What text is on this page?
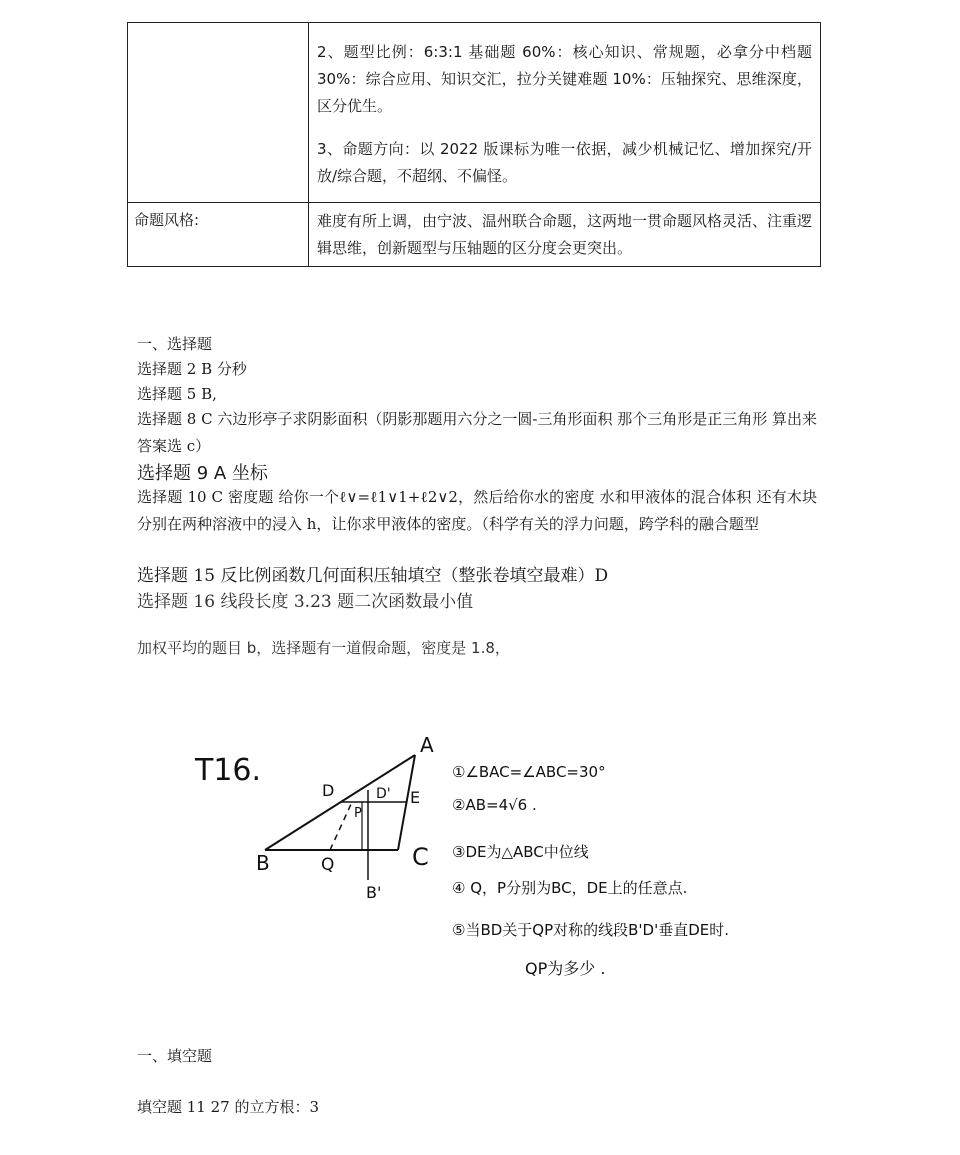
	2、题型比例：6:3:1 基础题 60%：核心知识、常规题，必拿分中档题 30%：综合应用、知识交汇，拉分关键难题 10%：压轴探究、思维深度，区分优生。

3、命题方向：以 2022 版课标为唯一依据，减少机械记忆、增加探究/开放/综合题，不超纲、不偏怪。

命题风格:	难度有所上调，由宁波、温州联合命题，这两地一贯命题风格灵活、注重逻辑思维，创新题型与压轴题的区分度会更突出。

一、选择题
选择题 2 B 分秒
选择题 5 B,
选择题 8 C 六边形亭子求阴影面积（阴影那题用六分之一圆-三角形面积 那个三角形是正三角形 算出来答案选 c）
选择题 9 A 坐标
选择题 10 C 密度题 给你一个ℓ∨=ℓ1∨1+ℓ2∨2，然后给你水的密度 水和甲液体的混合体积 还有木块分别在两种溶液中的浸入 h，让你求甲液体的密度。（科学有关的浮力问题，跨学科的融合题型
选择题 15 反比例函数几何面积压轴填空（整张卷填空最难）D
选择题 16 线段长度 3.23 题二次函数最小值
加权平均的题目 b，选择题有一道假命题，密度是 1.8，
T16.
A
B	C
D	D' E
P
Q
B'
①∠BAC=∠ABC=30°
②AB=4√6 .
③DE为△ABC中位线
④ Q，P分别为BC，DE上的任意点.
⑤当BD关于QP对称的线段B'D'垂直DE时.
QP为多少 .
一、填空题
填空题 11 27 的立方根：3
